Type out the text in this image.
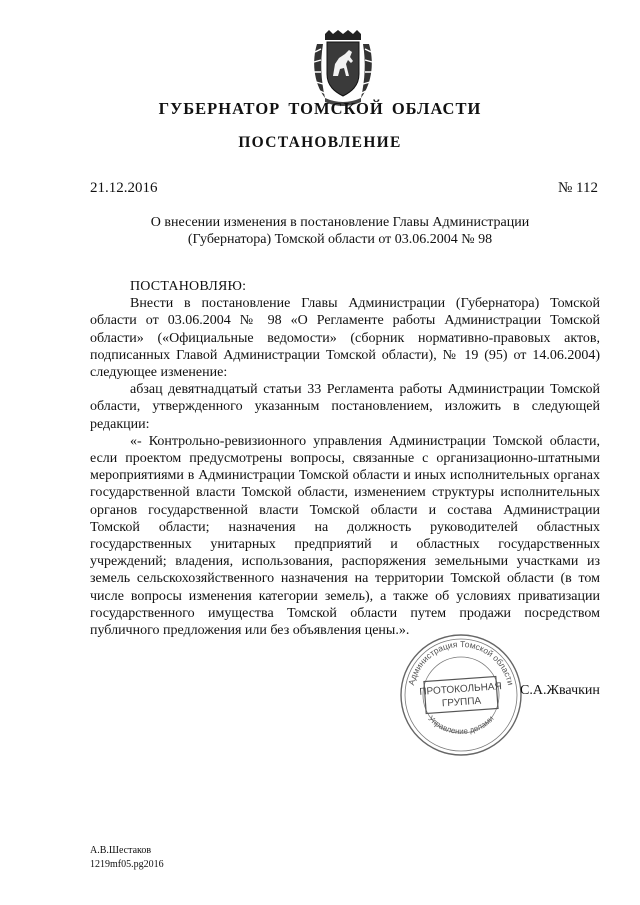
ГУБЕРНАТОР ТОМСКОЙ ОБЛАСТИ
ПОСТАНОВЛЕНИЕ
21.12.2016	№ 112
О внесении изменения в постановление Главы Администрации
(Губернатора) Томской области от 03.06.2004 № 98

ПОСТАНОВЛЯЮ:

Внести в постановление Главы Администрации (Губернатора) Томской области от 03.06.2004 № 98 «О Регламенте работы Администрации Томской области» («Официальные ведомости» (сборник нормативно-правовых актов, подписанных Главой Администрации Томской области), № 19 (95) от 14.06.2004) следующее изменение:

абзац девятнадцатый статьи 33 Регламента работы Администрации Томской области, утвержденного указанным постановлением, изложить в следующей редакции:

«- Контрольно-ревизионного управления Администрации Томской области, если проектом предусмотрены вопросы, связанные с организационно-штатными мероприятиями в Администрации Томской области и иных исполнительных органах государственной власти Томской области, изменением структуры исполнительных органов государственной власти Томской области и состава Администрации Томской области; назначения на должность руководителей областных государственных унитарных предприятий и областных государственных учреждений; владения, использования, распоряжения земельными участками из земель сельскохозяйственного назначения на территории Томской области (в том числе вопросы изменения категории земель), а также об условиях приватизации государственного имущества Томской области путем продажи посредством публичного предложения или без объявления цены.».

Администрация Томской области
Управление делами
ПРОТОКОЛЬНАЯ
ГРУППА
С.А.Жвачкин
А.В.Шестаков
1219mf05.pg2016
